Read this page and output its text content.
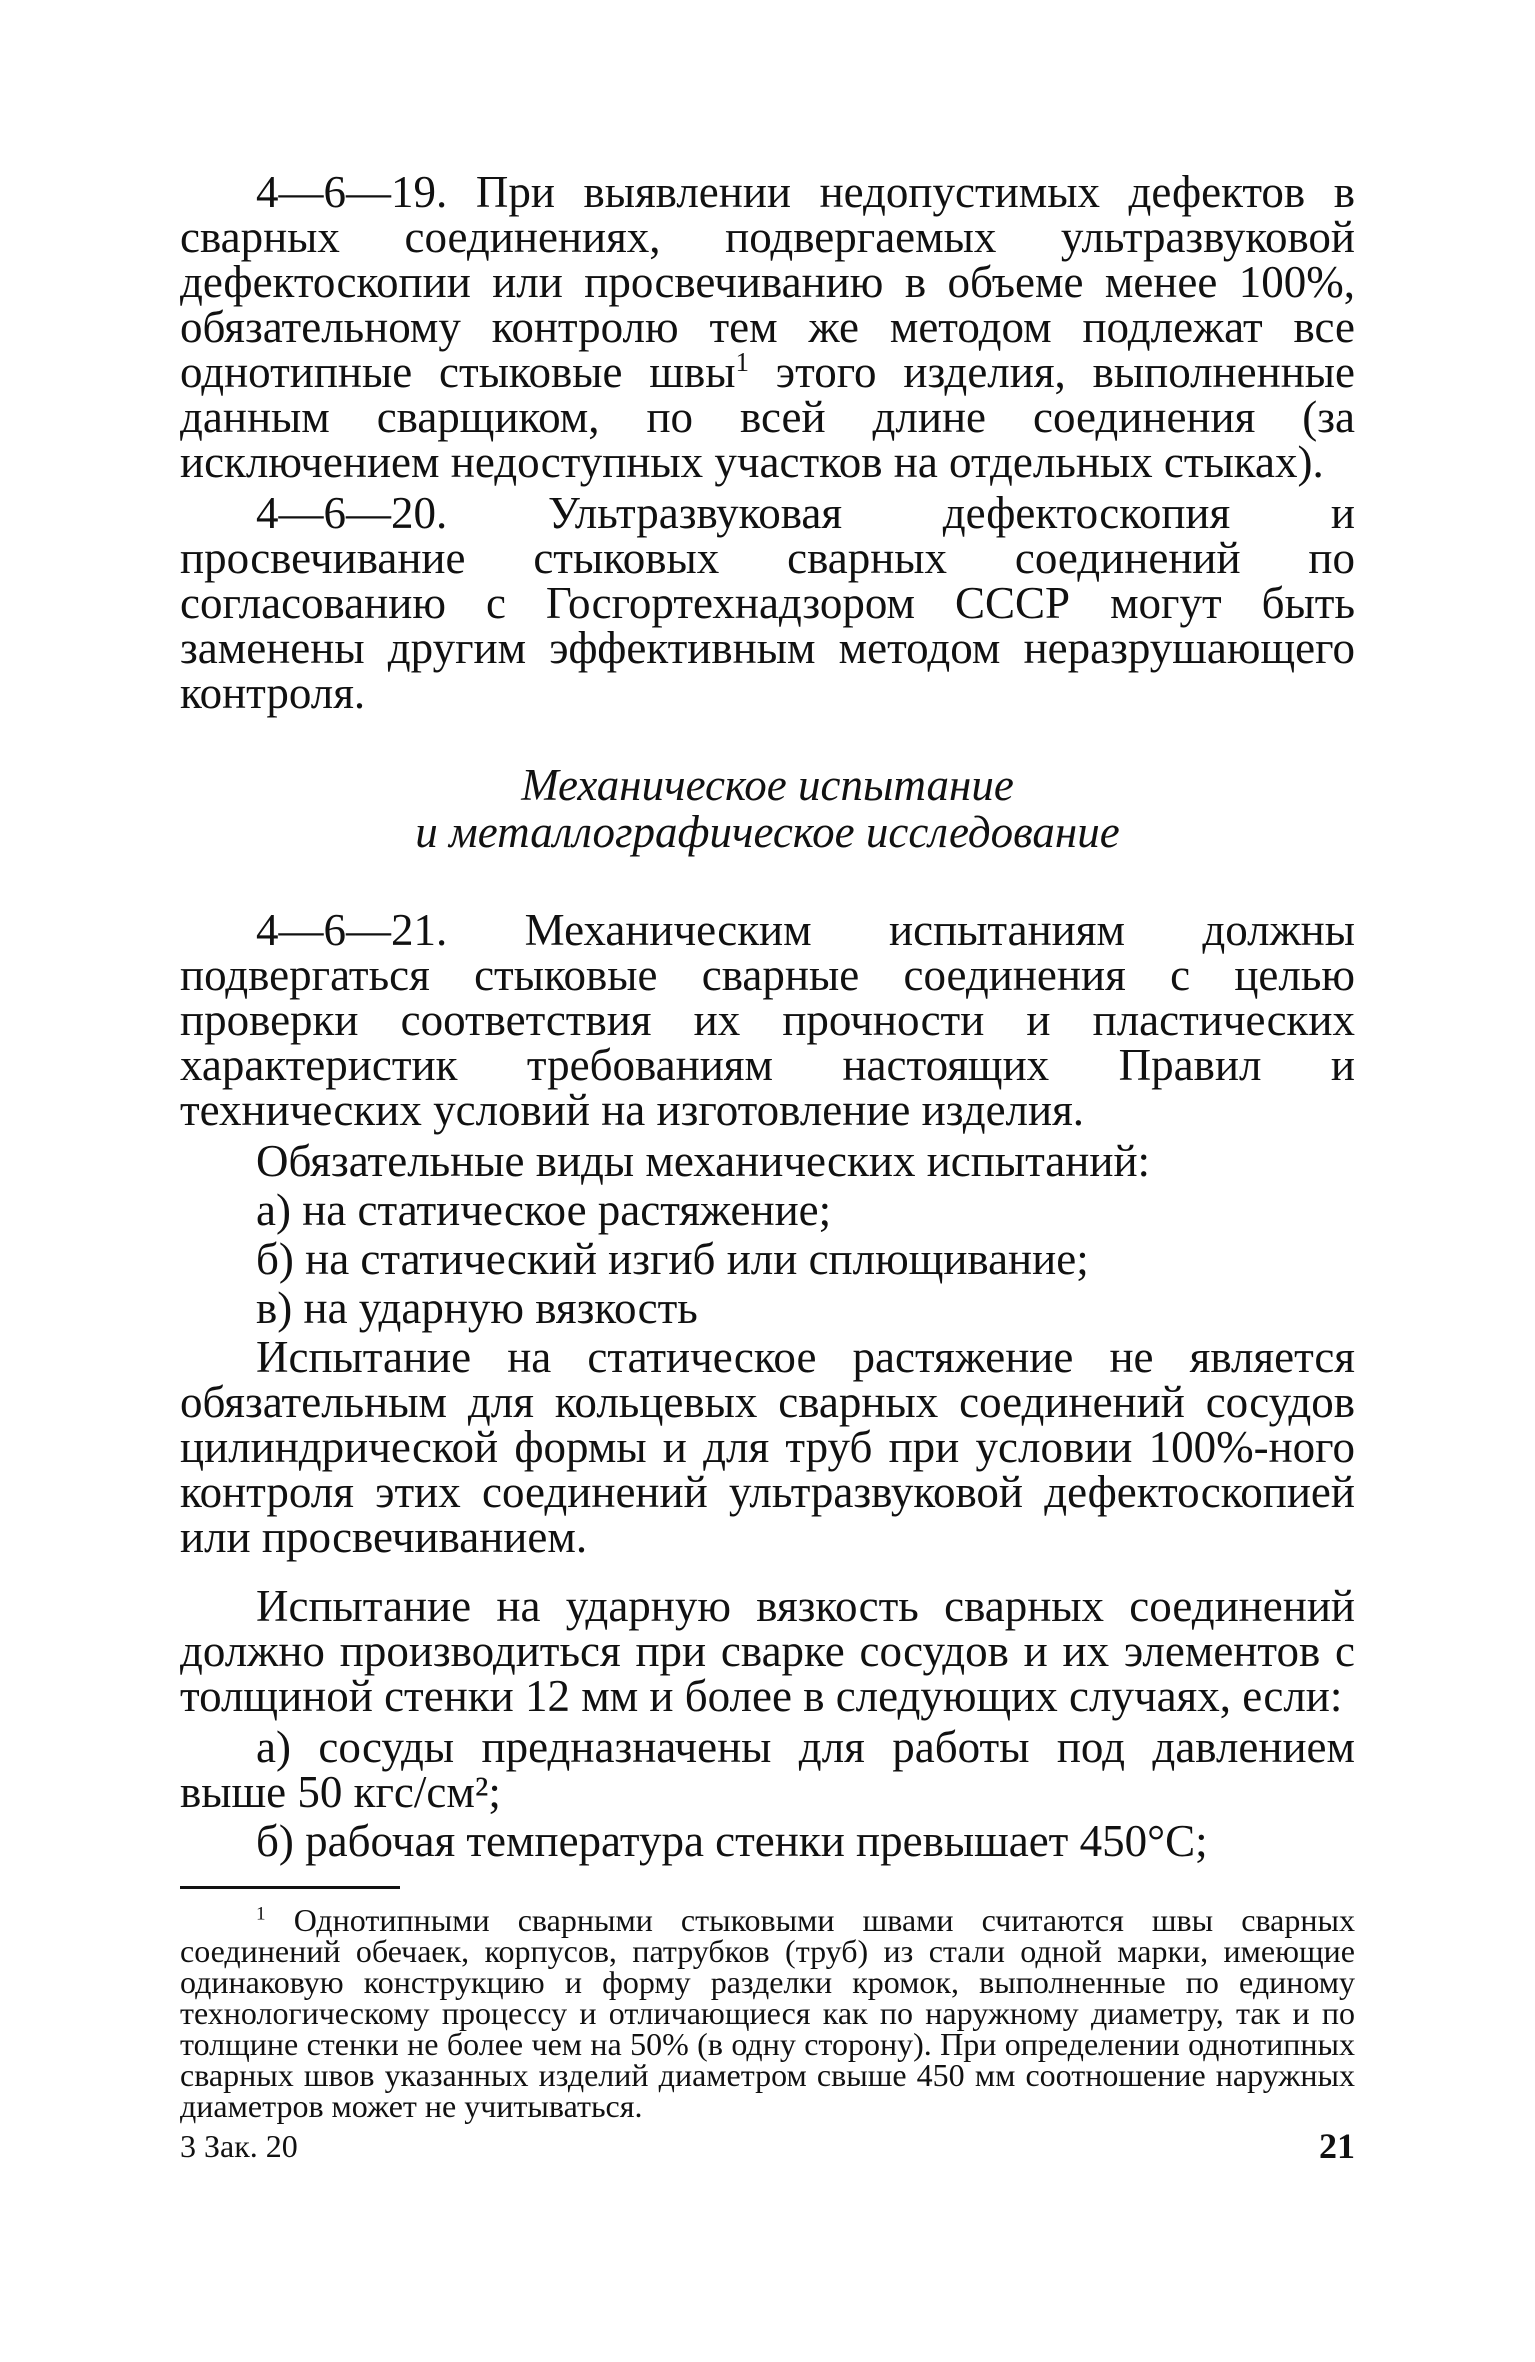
4—6—19. При выявлении недопустимых дефектов в сварных соединениях, подвергаемых ультразвуковой дефектоскопии или просвечиванию в объеме менее 100%, обязательному контролю тем же методом подлежат все однотипные стыковые швы$^1$ этого изделия, выполненные данным сварщиком, по всей длине соединения (за исключением недоступных участков на отдельных стыках).

4—6—20. Ультразвуковая дефектоскопия и просвечивание стыковых сварных соединений по согласованию с Госгортехнадзором СССР могут быть заменены другим эффективным методом неразрушающего контроля.

Механическое испытание
и металлографическое исследование

4—6—21. Механическим испытаниям должны подвергаться стыковые сварные соединения с целью проверки соответствия их прочности и пластических характеристик требованиям настоящих Правил и технических условий на изготовление изделия.

Обязательные виды механических испытаний:

а) на статическое растяжение;

б) на статический изгиб или сплющивание;

в) на ударную вязкость

Испытание на статическое растяжение не является обязательным для кольцевых сварных соединений сосудов цилиндрической формы и для труб при условии 100%-ного контроля этих соединений ультразвуковой дефектоскопией или просвечиванием.

Испытание на ударную вязкость сварных соединений должно производиться при сварке сосудов и их элементов с толщиной стенки 12 мм и более в следующих случаях, если:

а) сосуды предназначены для работы под давлением выше 50 кгс/см²;

б) рабочая температура стенки превышает 450°С;

$^1$ Однотипными сварными стыковыми швами считаются швы сварных соединений обечаек, корпусов, патрубков (труб) из стали одной марки, имеющие одинаковую конструкцию и форму разделки кромок, выполненные по единому технологическому процессу и отличающиеся как по наружному диаметру, так и по толщине стенки не более чем на 50% (в одну сторону). При определении однотипных сварных швов указанных изделий диаметром свыше 450 мм соотношение наружных диаметров может не учитываться.

3 Зак. 20	21
